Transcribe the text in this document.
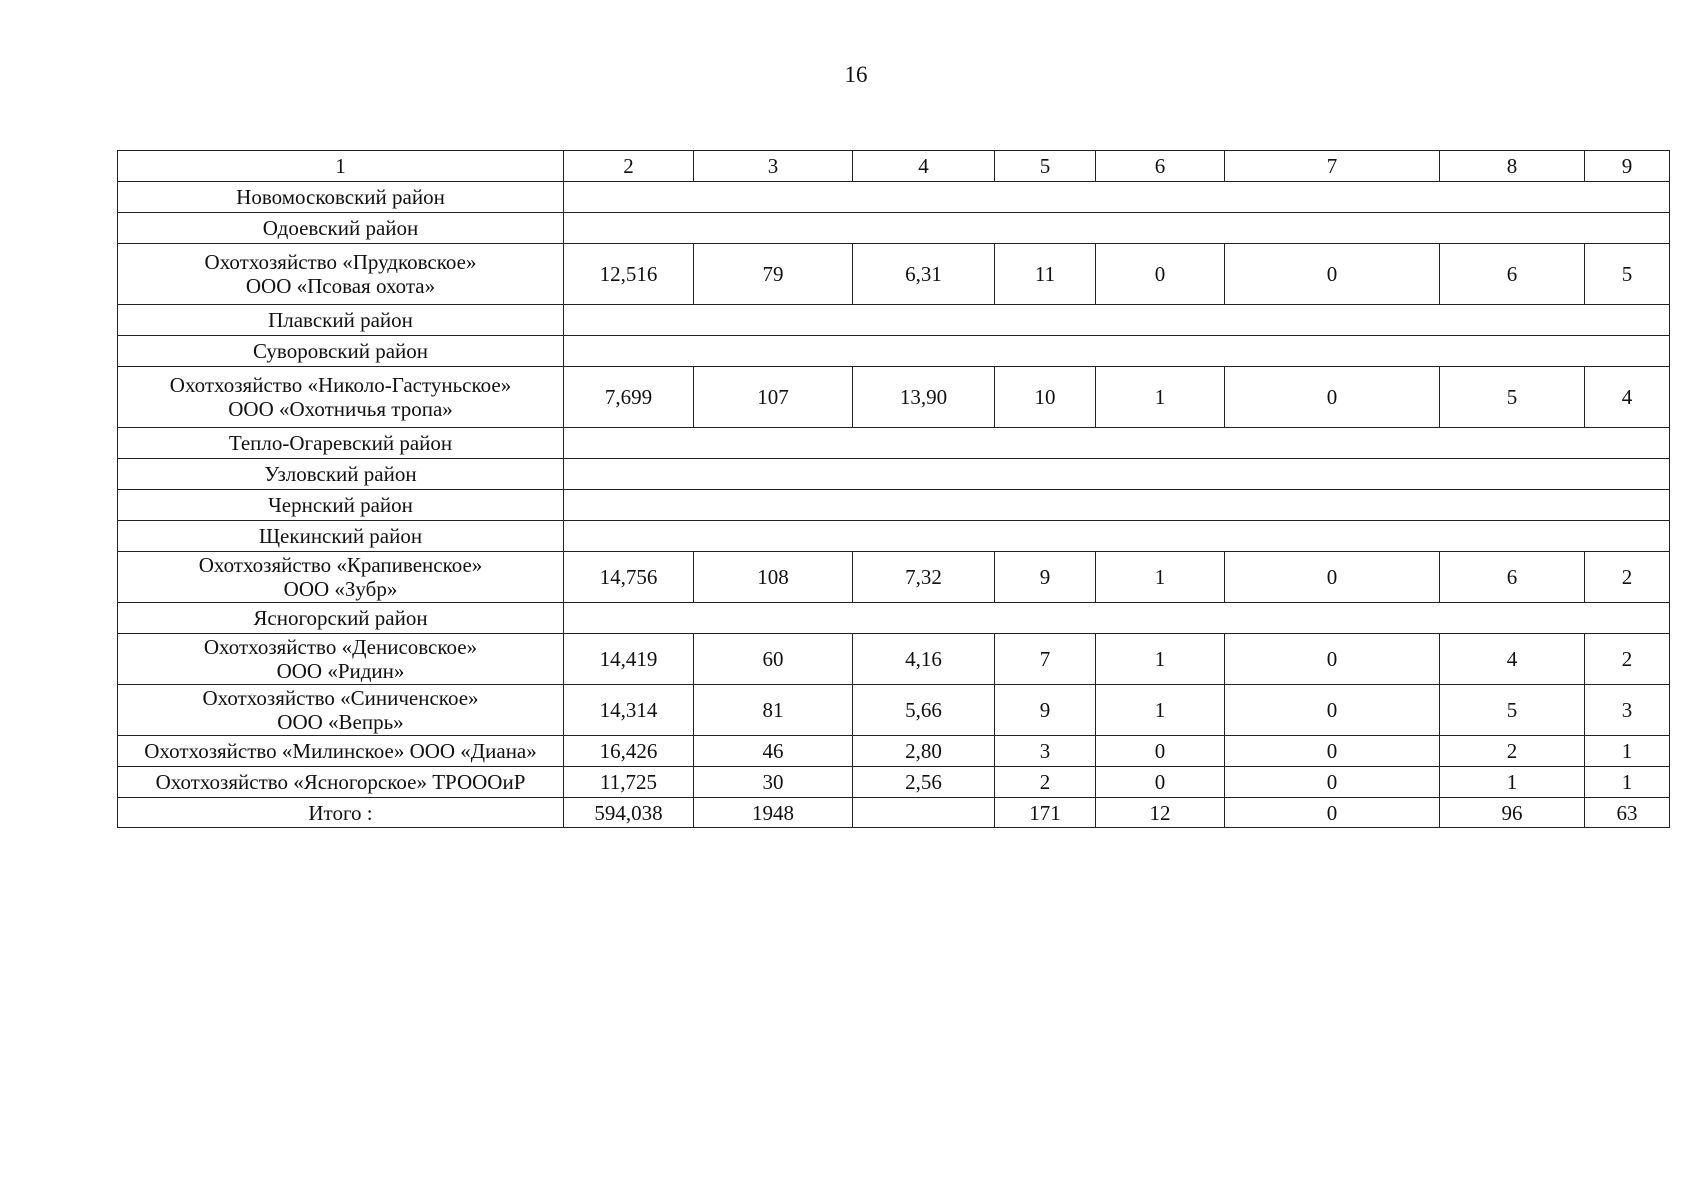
16
1	2	3	4	5	6	7	8	9
Новомосковский район								
Одоевский район								

Охотхозяйство «Прудковское»
ООО «Псовая охота»	12,516	79	6,31	11	0	0	6	5
Плавский район								
Суворовский район								

Охотхозяйство «Николо-Гастуньское»
ООО «Охотничья тропа»	7,699	107	13,90	10	1	0	5	4
Тепло-Огаревский район								
Узловский район								
Чернский район								
Щекинский район								

Охотхозяйство «Крапивенское»
ООО «Зубр»	14,756	108	7,32	9	1	0	6	2
Ясногорский район								

Охотхозяйство «Денисовское»
ООО «Ридин»	14,419	60	4,16	7	1	0	4	2

Охотхозяйство «Синиченское»
ООО «Вепрь»	14,314	81	5,66	9	1	0	5	3

Охотхозяйство «Милинское» ООО «Диана»	16,426	46	2,80	3	0	0	2	1

Охотхозяйство «Ясногорское» ТРОООиР	11,725	30	2,56	2	0	0	1	1
Итого :	594,038	1948		171	12	0	96	63
